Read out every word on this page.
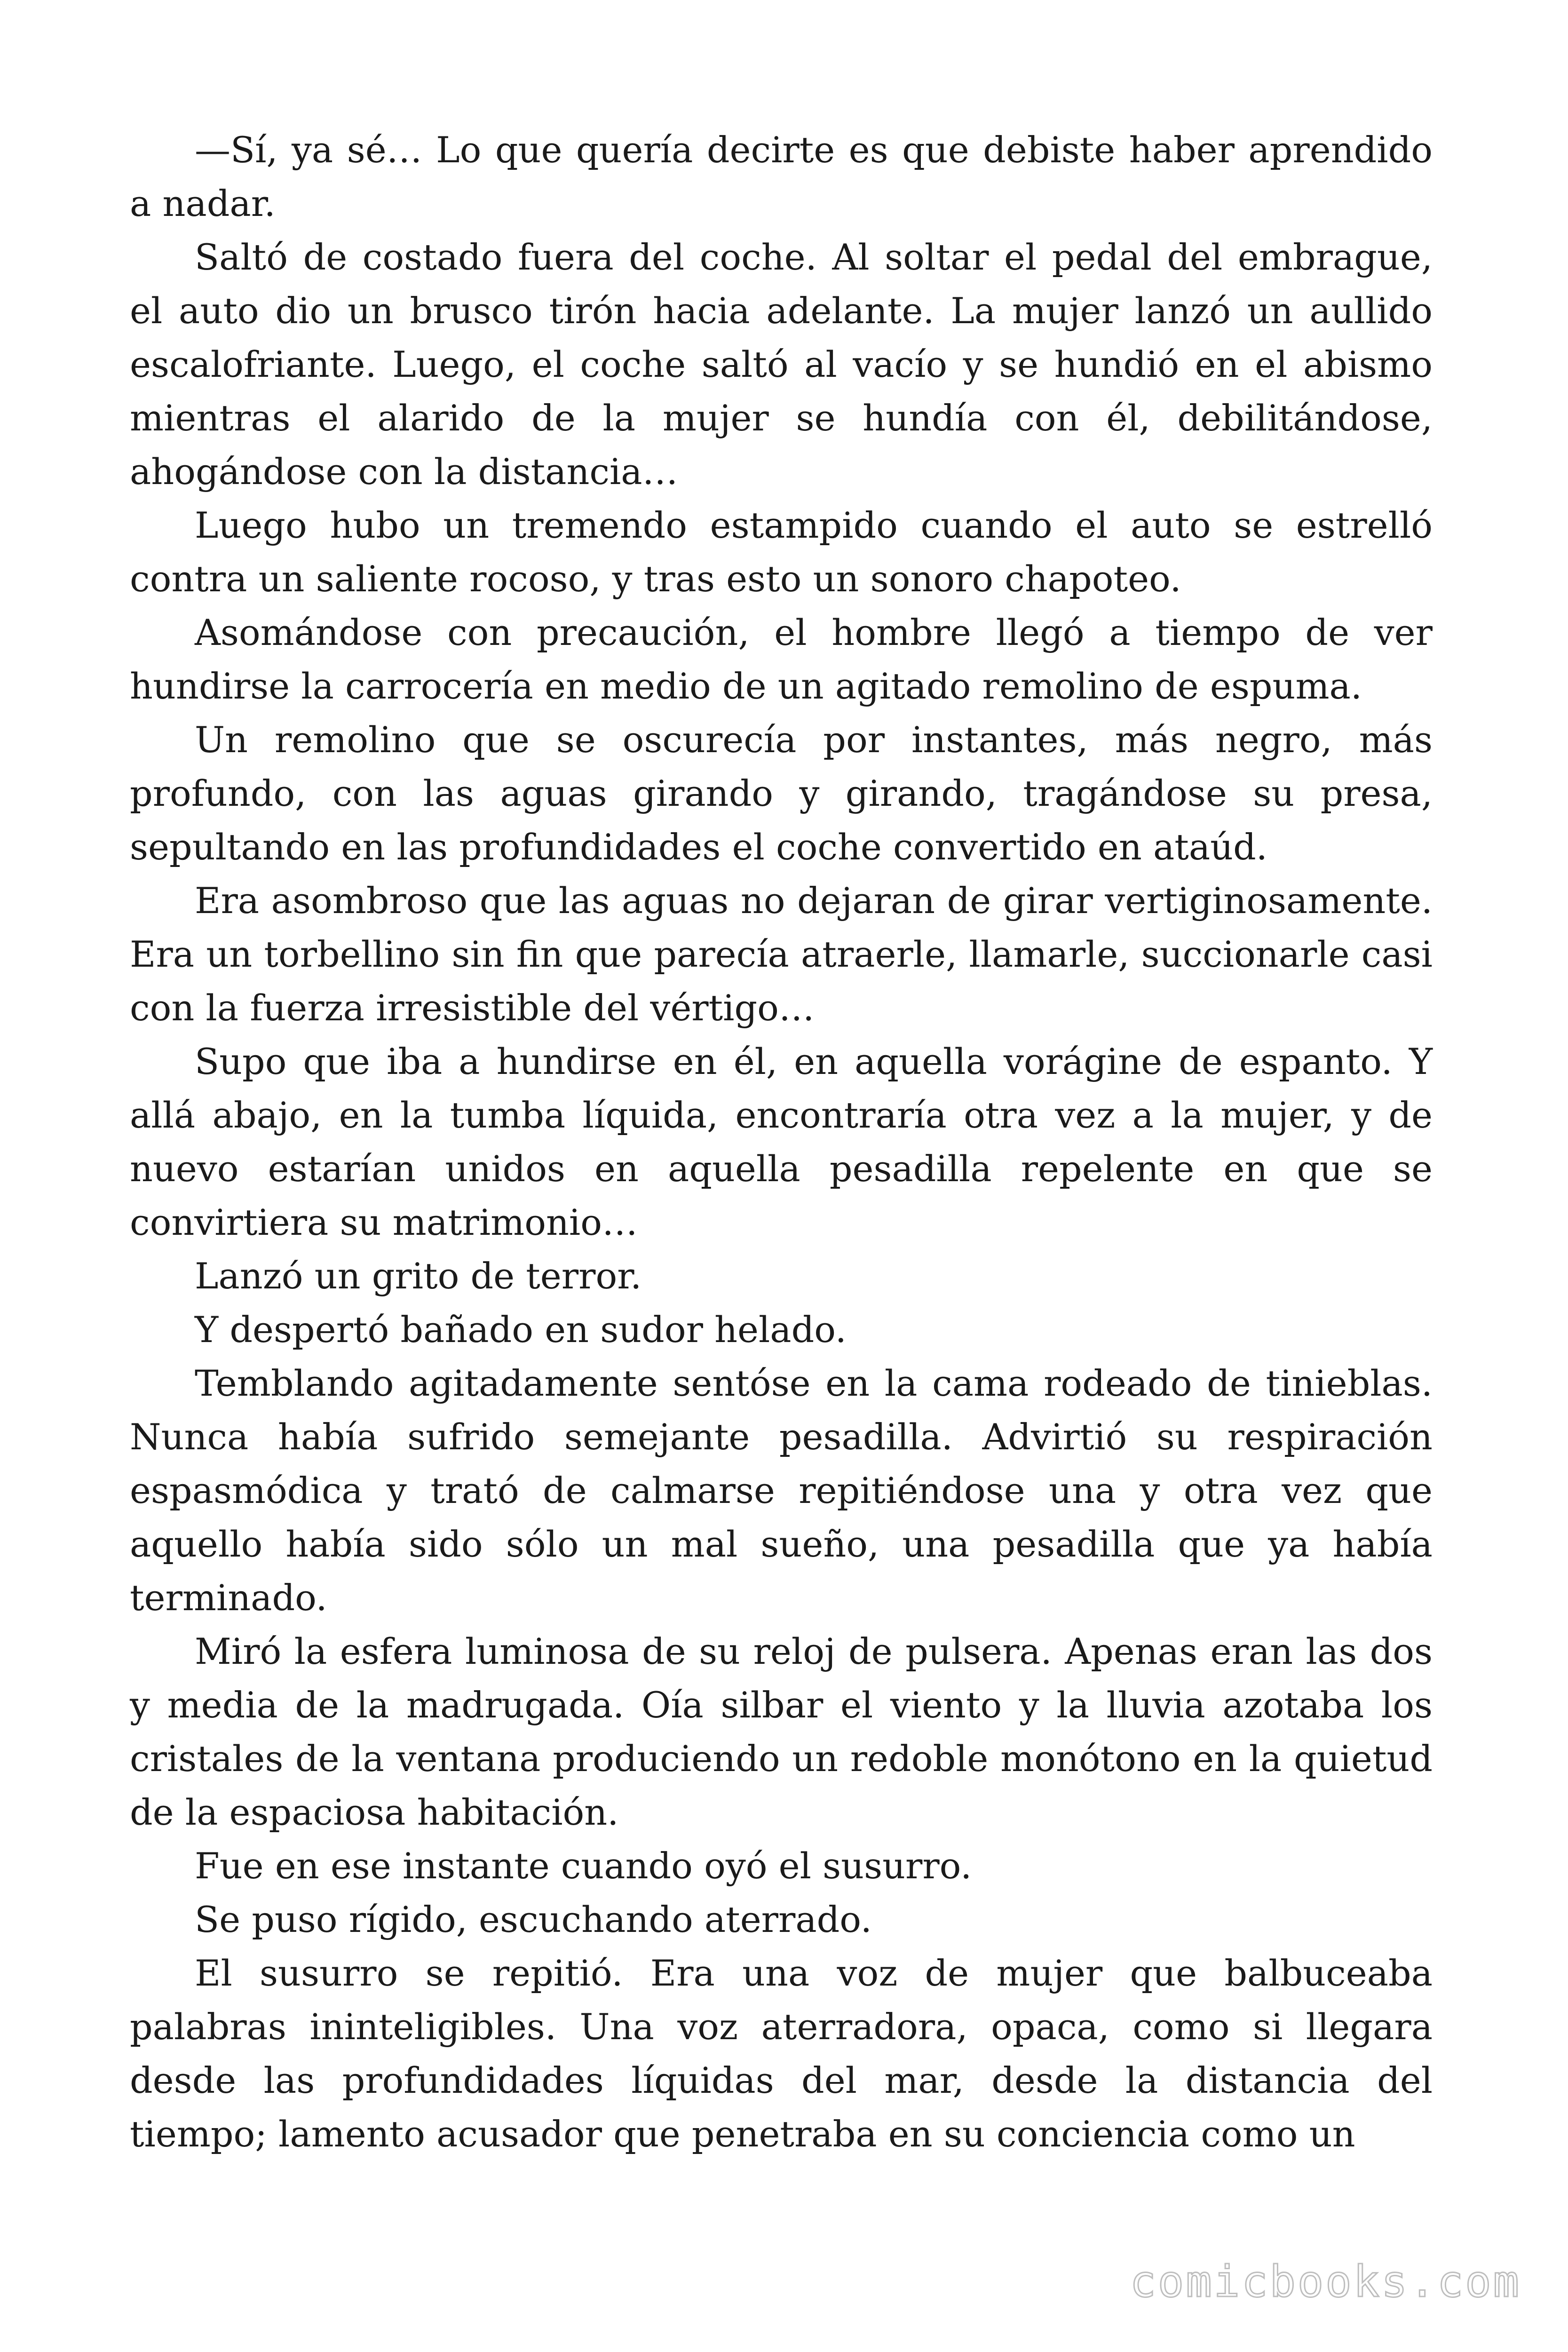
—Sí, ya sé… Lo que quería decirte es que debiste haber aprendido a nadar.

Saltó de costado fuera del coche. Al soltar el pedal del embrague, el auto dio un brusco tirón hacia adelante. La mujer lanzó un aullido escalofriante. Luego, el coche saltó al vacío y se hundió en el abismo mientras el alarido de la mujer se hundía con él, debilitándose, ahogándose con la distancia…

Luego hubo un tremendo estampido cuando el auto se estrelló contra un saliente rocoso, y tras esto un sonoro chapoteo.

Asomándose con precaución, el hombre llegó a tiempo de ver hundirse la carrocería en medio de un agitado remolino de espuma.

Un remolino que se oscurecía por instantes, más negro, más profundo, con las aguas girando y girando, tragándose su presa, sepultando en las profundidades el coche convertido en ataúd.

Era asombroso que las aguas no dejaran de girar vertiginosamente. Era un torbellino sin fin que parecía atraerle, llamarle, succionarle casi con la fuerza irresistible del vértigo…

Supo que iba a hundirse en él, en aquella vorágine de espanto. Y allá abajo, en la tumba líquida, encontraría otra vez a la mujer, y de nuevo estarían unidos en aquella pesadilla repelente en que se convirtiera su matrimonio…

Lanzó un grito de terror.

Y despertó bañado en sudor helado.

Temblando agitadamente sentóse en la cama rodeado de tinieblas. Nunca había sufrido semejante pesadilla. Advirtió su respiración espasmódica y trató de calmarse repitiéndose una y otra vez que aquello había sido sólo un mal sueño, una pesadilla que ya había terminado.

Miró la esfera luminosa de su reloj de pulsera. Apenas eran las dos y media de la madrugada. Oía silbar el viento y la lluvia azotaba los cristales de la ventana produciendo un redoble monótono en la quietud de la espaciosa habitación.

Fue en ese instante cuando oyó el susurro.

Se puso rígido, escuchando aterrado.

El susurro se repitió. Era una voz de mujer que balbuceaba palabras ininteligibles. Una voz aterradora, opaca, como si llegara desde las profundidades líquidas del mar, desde la distancia del tiempo; lamento acusador que penetraba en su conciencia como un

comicbooks.com
